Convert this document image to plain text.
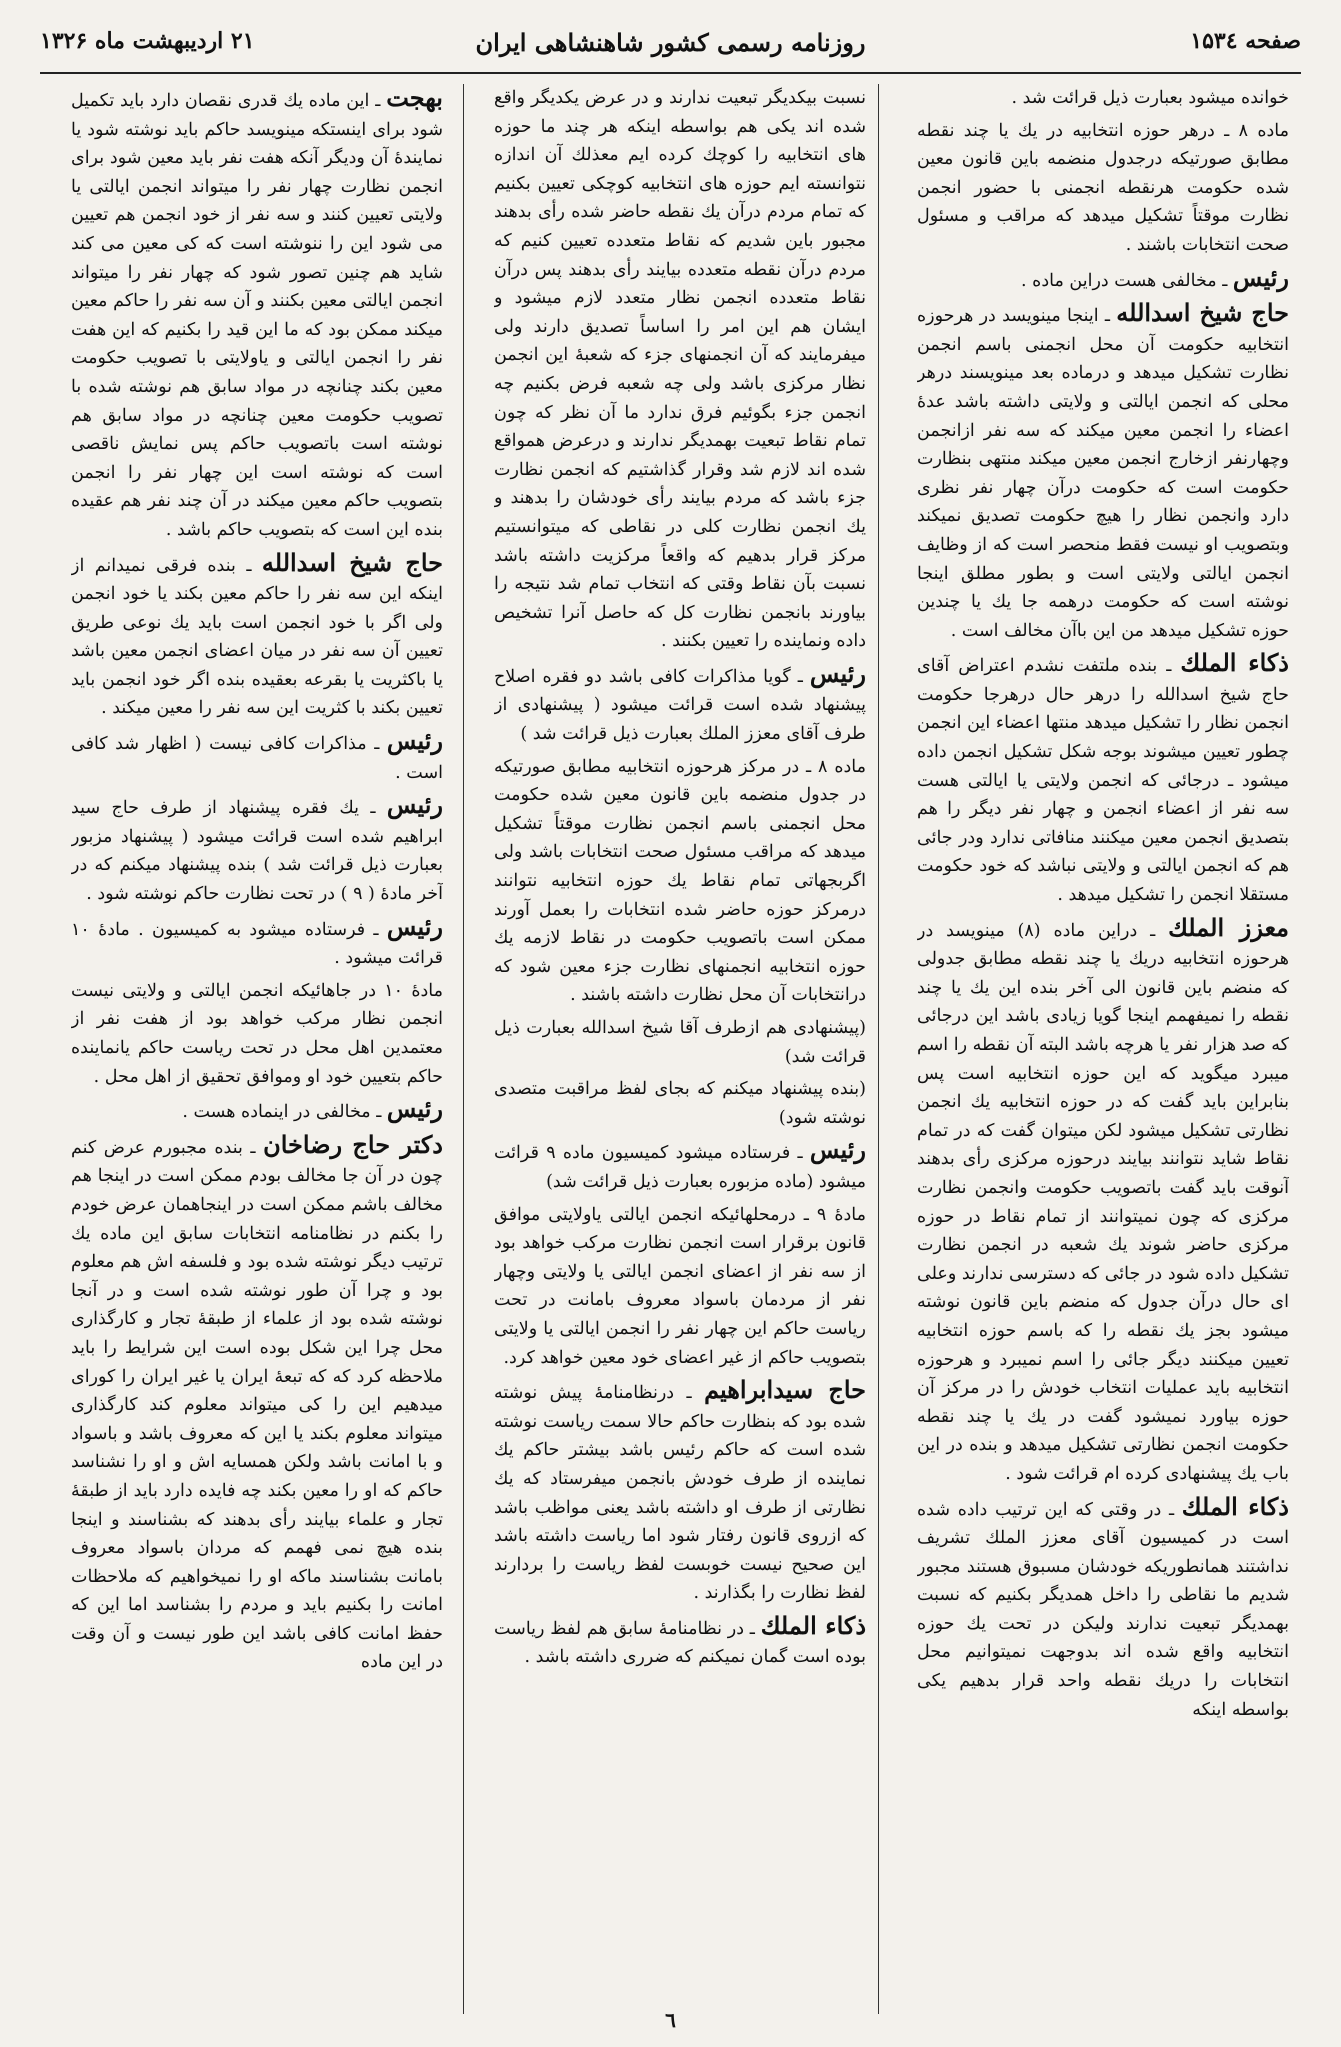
صفحه ۱۵۳٤
روزنامه رسمی کشور شاهنشاهی ایران
۲۱ اردیبهشت ماه ۱۳۲۶

خوانده میشود بعبارت ذیل قرائت شد .

ماده ۸ ـ درهر حوزه انتخابیه در یك یا چند نقطه مطابق صورتیکه درجدول منضمه باین قانون معین شده حکومت هرنقطه انجمنی با حضور انجمن نظارت موقتاً تشکیل میدهد که مراقب و مسئول صحت انتخابات باشند .

رئیس ـ مخالفی هست دراین ماده .

حاج شیخ اسدالله ـ اینجا مینویسد در هرحوزه انتخابیه حکومت آن محل انجمنی باسم انجمن نظارت تشکیل میدهد و درماده بعد مینویسند درهر محلی که انجمن ایالتی و ولایتی داشته باشد عدهٔ اعضاء را انجمن معین میکند که سه نفر ازانجمن وچهارنفر ازخارج انجمن معین میکند منتهی بنظارت حکومت است که حکومت درآن چهار نفر نظری دارد وانجمن نظار را هیچ حکومت تصدیق نمیکند وبتصویب او نیست فقط منحصر است که از وظایف انجمن ایالتی ولایتی است و بطور مطلق اینجا نوشته است که حکومت درهمه جا یك یا چندین حوزه تشکیل میدهد من این باآن مخالف است .

ذکاء الملك ـ بنده ملتفت نشدم اعتراض آقای حاج شیخ اسدالله را درهر حال درهرجا حکومت انجمن نظار را تشکیل میدهد منتها اعضاء این انجمن چطور تعیین میشوند بوجه شکل تشکیل انجمن داده میشود ـ درجائی که انجمن ولایتی یا ایالتی هست سه نفر از اعضاء انجمن و چهار نفر دیگر را هم بتصدیق انجمن معین میکنند منافاتی ندارد ودر جائی هم که انجمن ایالتی و ولایتی نباشد که خود حکومت مستقلا انجمن را تشکیل میدهد .

معزز الملك ـ دراین ماده (۸) مینویسد در هرحوزه انتخابیه دریك یا چند نقطه مطابق جدولی که منضم باین قانون الی آخر بنده این یك یا چند نقطه را نمیفهمم اینجا گویا زیادی باشد این درجائی که صد هزار نفر یا هرچه باشد البته آن نقطه را اسم میبرد میگوید که این حوزه انتخابیه است پس بنابراین باید گفت که در حوزه انتخابیه یك انجمن نظارتی تشکیل میشود لکن میتوان گفت که در تمام نقاط شاید نتوانند بیایند درحوزه مرکزی رأی بدهند آنوقت باید گفت باتصویب حکومت وانجمن نظارت مرکزی که چون نمیتوانند از تمام نقاط در حوزه مرکزی حاضر شوند یك شعبه در انجمن نظارت تشکیل داده شود در جائی که دسترسی ندارند وعلی ای حال درآن جدول که منضم باین قانون نوشته میشود بجز یك نقطه را که باسم حوزه انتخابیه تعیین میکنند دیگر جائی را اسم نمیبرد و هرحوزه انتخابیه باید عملیات انتخاب خودش را در مرکز آن حوزه بیاورد نمیشود گفت در یك یا چند نقطه حکومت انجمن نظارتی تشکیل میدهد و بنده در این باب یك پیشنهادی کرده ام قرائت شود .

ذکاء الملك ـ در وقتی که این ترتیب داده شده است در کمیسیون آقای معزز الملك تشریف نداشتند همانطوریکه خودشان مسبوق هستند مجبور شدیم ما نقاطی را داخل همدیگر بکنیم که نسبت بهمدیگر تبعیت ندارند ولیکن در تحت یك حوزه انتخابیه واقع شده اند بدوجهت نمیتوانیم محل انتخابات را دریك نقطه واحد قرار بدهیم یکی بواسطه اینکه

نسبت بیکدیگر تبعیت ندارند و در عرض یکدیگر واقع شده اند یکی هم بواسطه اینکه هر چند ما حوزه های انتخابیه را کوچك کرده ایم معذلك آن اندازه نتوانسته ایم حوزه های انتخابیه کوچکی تعیین بکنیم که تمام مردم درآن یك نقطه حاضر شده رأی بدهند مجبور باین شدیم که نقاط متعدده تعیین کنیم که مردم درآن نقطه متعدده بیایند رأی بدهند پس درآن نقاط متعدده انجمن نظار متعدد لازم میشود و ایشان هم این امر را اساساً تصدیق دارند ولی میفرمایند که آن انجمنهای جزء که شعبهٔ این انجمن نظار مرکزی باشد ولی چه شعبه فرض بکنیم چه انجمن جزء بگوئیم فرق ندارد ما آن نظر که چون تمام نقاط تبعیت بهمدیگر ندارند و درعرض همواقع شده اند لازم شد وقرار گذاشتیم که انجمن نظارت جزء باشد که مردم بیایند رأی خودشان را بدهند و یك انجمن نظارت کلی در نقاطی که میتوانستیم مرکز قرار بدهیم که واقعاً مرکزیت داشته باشد نسبت بآن نقاط وقتی که انتخاب تمام شد نتیجه را بیاورند بانجمن نظارت کل که حاصل آنرا تشخیص داده ونماینده را تعیین بکنند .

رئیس ـ گویا مذاکرات کافی باشد دو فقره اصلاح پیشنهاد شده است قرائت میشود ( پیشنهادی از طرف آقای معزز الملك بعبارت ذیل قرائت شد )

ماده ۸ ـ در مرکز هرحوزه انتخابیه مطابق صورتیکه در جدول منضمه باین قانون معین شده حکومت محل انجمنی باسم انجمن نظارت موقتاً تشکیل میدهد که مراقب مسئول صحت انتخابات باشد ولی اگربجهاتی تمام نقاط یك حوزه انتخابیه نتوانند درمرکز حوزه حاضر شده انتخابات را بعمل آورند ممکن است باتصویب حکومت در نقاط لازمه یك حوزه انتخابیه انجمنهای نظارت جزء معین شود که درانتخابات آن محل نظارت داشته باشند .

(پیشنهادی هم ازطرف آقا شیخ اسدالله بعبارت ذیل قرائت شد)

(بنده پیشنهاد میکنم که بجای لفظ مراقبت متصدی نوشته شود)

رئیس ـ فرستاده میشود کمیسیون ماده ۹ قرائت میشود (ماده مزبوره بعبارت ذیل قرائت شد)

مادهٔ ۹ ـ درمحلهائیکه انجمن ایالتی یاولایتی موافق قانون برقرار است انجمن نظارت مرکب خواهد بود از سه نفر از اعضای انجمن ایالتی یا ولایتی وچهار نفر از مردمان باسواد معروف بامانت در تحت ریاست حاکم این چهار نفر را انجمن ایالتی یا ولایتی بتصویب حاکم از غیر اعضای خود معین خواهد کرد.

حاج سیدابراهیم ـ درنظامنامهٔ پیش نوشته شده بود که بنظارت حاکم حالا سمت ریاست نوشته شده است که حاکم رئیس باشد بیشتر حاکم یك نماینده از طرف خودش بانجمن میفرستاد که یك نظارتی از طرف او داشته باشد یعنی مواظب باشد که ازروی قانون رفتار شود اما ریاست داشته باشد این صحیح نیست خوبست لفظ ریاست را بردارند لفظ نظارت را بگذارند .

ذکاء الملك ـ در نظامنامهٔ سابق هم لفظ ریاست بوده است گمان نمیکنم که ضرری داشته باشد .

بهجت ـ این ماده یك قدری نقصان دارد باید تکمیل شود برای اینستکه مینویسد حاکم باید نوشته شود یا نمایندهٔ آن ودیگر آنکه هفت نفر باید معین شود برای انجمن نظارت چهار نفر را میتواند انجمن ایالتی یا ولایتی تعیین کنند و سه نفر از خود انجمن هم تعیین می شود این را ننوشته است که کی معین می کند شاید هم چنین تصور شود که چهار نفر را میتواند انجمن ایالتی معین بکنند و آن سه نفر را حاکم معین میکند ممکن بود که ما این قید را بکنیم که این هفت نفر را انجمن ایالتی و یاولایتی با تصویب حکومت معین بکند چنانچه در مواد سابق هم نوشته شده با تصویب حکومت معین چنانچه در مواد سابق هم نوشته است باتصویب حاکم پس نمایش ناقصی است که نوشته است این چهار نفر را انجمن بتصویب حاکم معین میکند در آن چند نفر هم عقیده بنده این است که بتصویب حاکم باشد .

حاج شیخ اسدالله ـ بنده فرقی نمیدانم از اینکه این سه نفر را حاکم معین بکند یا خود انجمن ولی اگر با خود انجمن است باید یك نوعی طریق تعیین آن سه نفر در میان اعضای انجمن معین باشد یا باکثریت یا بقرعه بعقیده بنده اگر خود انجمن باید تعیین بکند با کثریت این سه نفر را معین میکند .

رئیس ـ مذاکرات کافی نیست ( اظهار شد کافی است .

رئیس ـ یك فقره پیشنهاد از طرف حاج سید ابراهیم شده است قرائت میشود ( پیشنهاد مزبور بعبارت ذیل قرائت شد ) بنده پیشنهاد میکنم که در آخر مادهٔ ( ۹ ) در تحت نظارت حاکم نوشته شود .

رئیس ـ فرستاده میشود به کمیسیون . مادهٔ ۱۰ قرائت میشود .

مادهٔ ۱۰ در جاهائیکه انجمن ایالتی و ولایتی نیست انجمن نظار مرکب خواهد بود از هفت نفر از معتمدین اهل محل در تحت ریاست حاکم یانماینده حاکم بتعیین خود او وموافق تحقیق از اهل محل .

رئیس ـ مخالفی در اینماده هست .

دکتر حاج رضاخان ـ بنده مجبورم عرض کنم چون در آن جا مخالف بودم ممکن است در اینجا هم مخالف باشم ممکن است در اینجاهمان عرض خودم را بکنم در نظامنامه انتخابات سابق این ماده یك ترتیب دیگر نوشته شده بود و فلسفه اش هم معلوم بود و چرا آن طور نوشته شده است و در آنجا نوشته شده بود از علماء از طبقهٔ تجار و کارگذاری محل چرا این شکل بوده است این شرایط را باید ملاحظه کرد که که تبعهٔ ایران یا غیر ایران را کورای میدهیم این را کی میتواند معلوم کند کارگذاری میتواند معلوم بکند یا این که معروف باشد و باسواد و با امانت باشد ولکن همسایه اش و او را نشناسد حاکم که او را معین بکند چه فایده دارد باید از طبقهٔ تجار و علماء بیایند رأی بدهند که بشناسند و اینجا بنده هیچ نمی فهمم که مردان باسواد معروف بامانت بشناسند ماکه او را نمیخواهیم که ملاحظات امانت را بکنیم باید و مردم را بشناسد اما این که حفظ امانت کافی باشد این طور نیست و آن وقت در این ماده

٦
